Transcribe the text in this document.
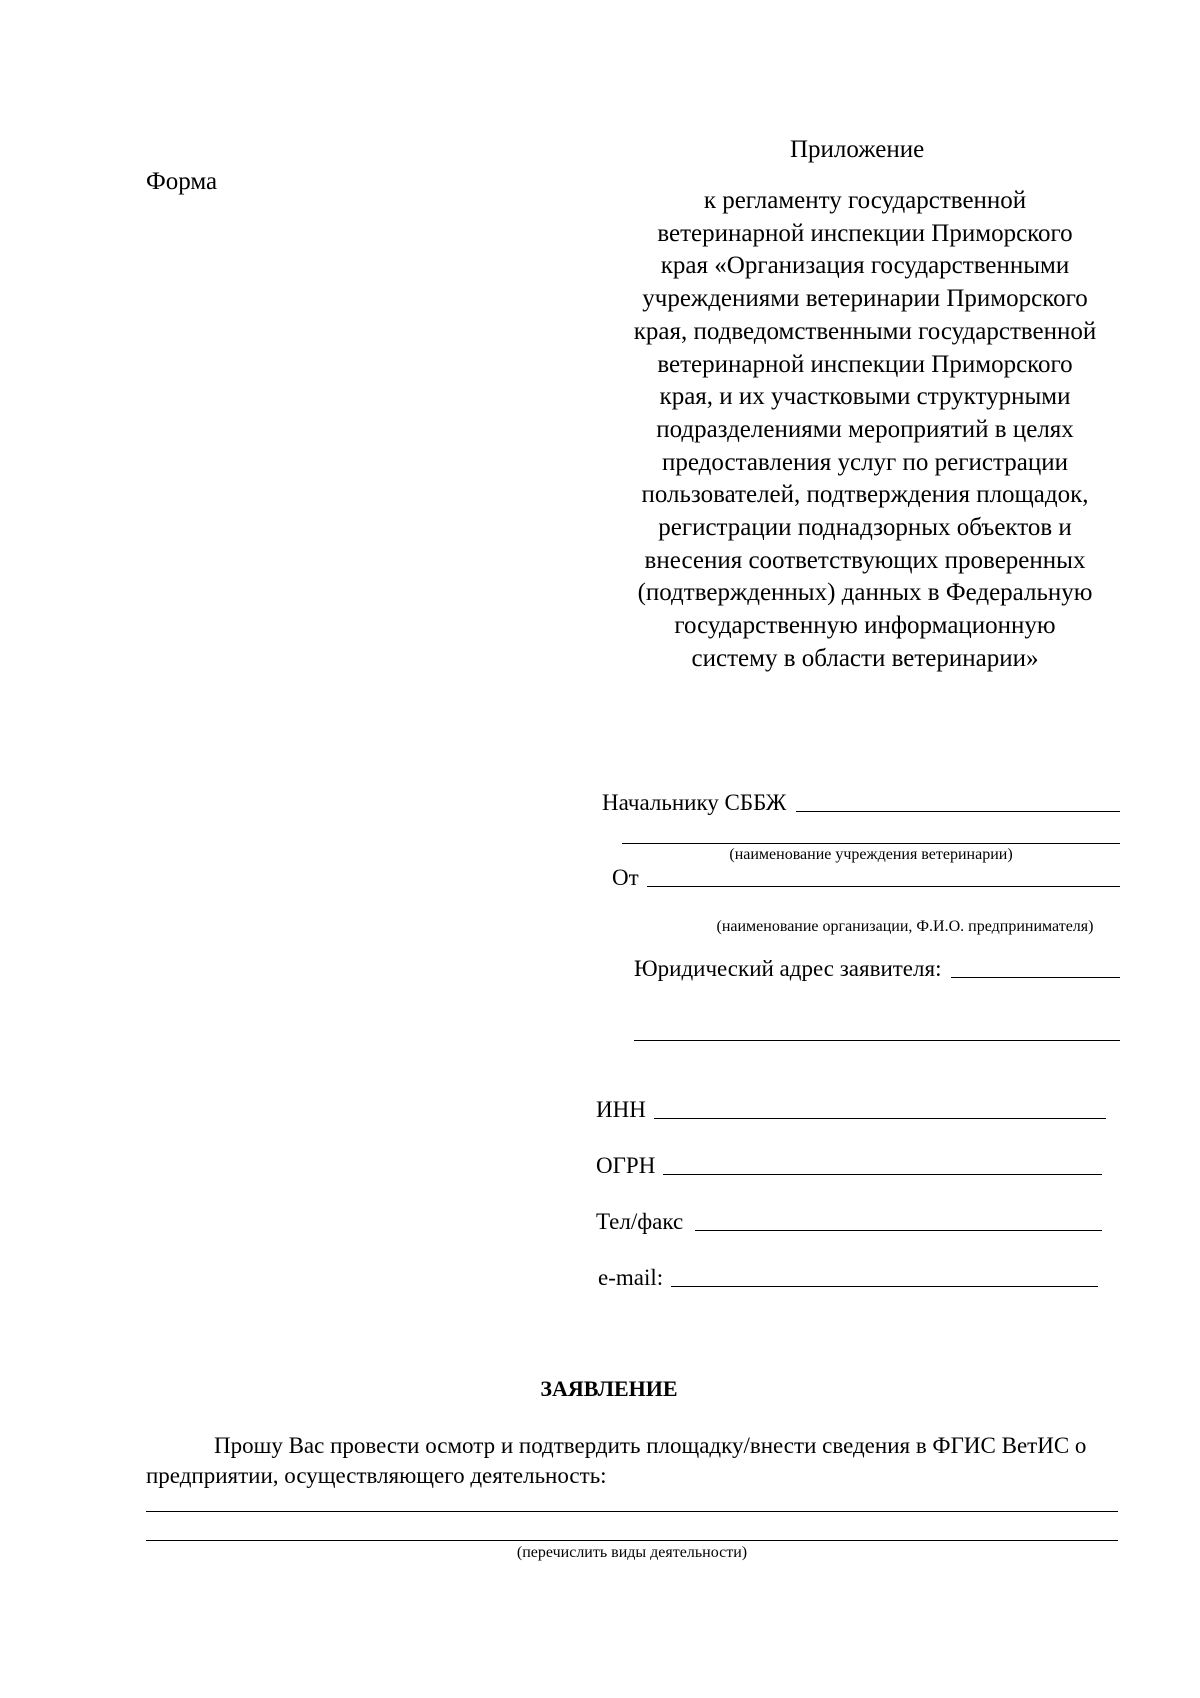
Форма
Приложение
к регламенту государственной
ветеринарной инспекции Приморского
края «Организация государственными
учреждениями ветеринарии Приморского
края, подведомственными государственной
ветеринарной инспекции Приморского
края, и их участковыми структурными
подразделениями мероприятий в целях
предоставления услуг по регистрации
пользователей, подтверждения площадок,
регистрации поднадзорных объектов и
внесения соответствующих проверенных
(подтвержденных) данных в Федеральную
государственную информационную
систему в области ветеринарии»
Начальнику СББЖ
(наименование учреждения ветеринарии)
От
(наименование организации, Ф.И.О. предпринимателя)
Юридический адрес заявителя:
ИНН
ОГРН
Тел/факс
e-mail:
ЗАЯВЛЕНИЕ
Прошу Вас провести осмотр и подтвердить площадку/внести сведения в ФГИС ВетИС о предприятии, осуществляющего деятельность:
(перечислить виды деятельности)
